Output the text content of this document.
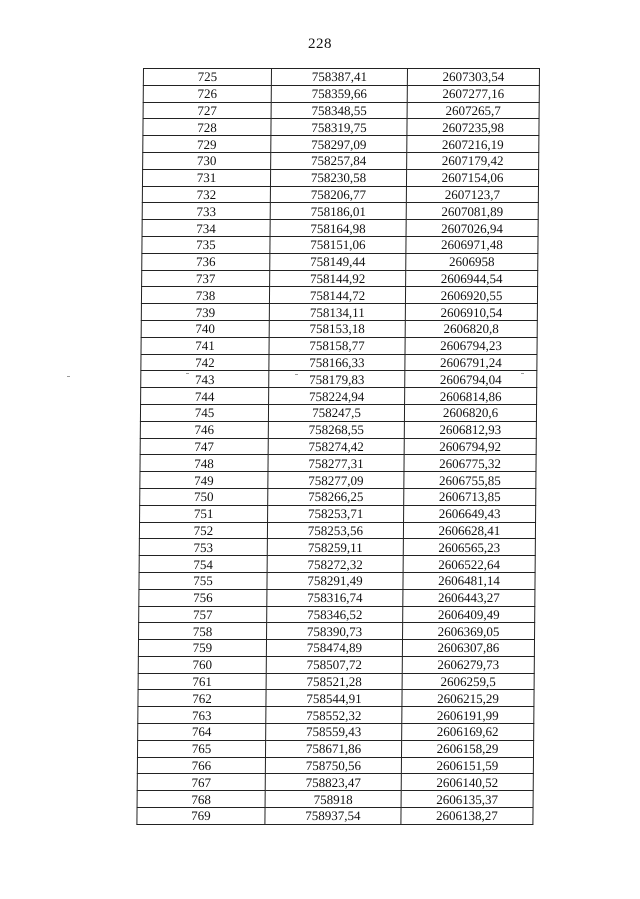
228
725	758387,41	2607303,54
726	758359,66	2607277,16
727	758348,55	2607265,7
728	758319,75	2607235,98
729	758297,09	2607216,19
730	758257,84	2607179,42
731	758230,58	2607154,06
732	758206,77	2607123,7
733	758186,01	2607081,89
734	758164,98	2607026,94
735	758151,06	2606971,48
736	758149,44	2606958
737	758144,92	2606944,54
738	758144,72	2606920,55
739	758134,11	2606910,54
740	758153,18	2606820,8
741	758158,77	2606794,23
742	758166,33	2606791,24
743	758179,83	2606794,04
744	758224,94	2606814,86
745	758247,5	2606820,6
746	758268,55	2606812,93
747	758274,42	2606794,92
748	758277,31	2606775,32
749	758277,09	2606755,85
750	758266,25	2606713,85
751	758253,71	2606649,43
752	758253,56	2606628,41
753	758259,11	2606565,23
754	758272,32	2606522,64
755	758291,49	2606481,14
756	758316,74	2606443,27
757	758346,52	2606409,49
758	758390,73	2606369,05
759	758474,89	2606307,86
760	758507,72	2606279,73
761	758521,28	2606259,5
762	758544,91	2606215,29
763	758552,32	2606191,99
764	758559,43	2606169,62
765	758671,86	2606158,29
766	758750,56	2606151,59
767	758823,47	2606140,52
768	758918	2606135,37
769	758937,54	2606138,27
